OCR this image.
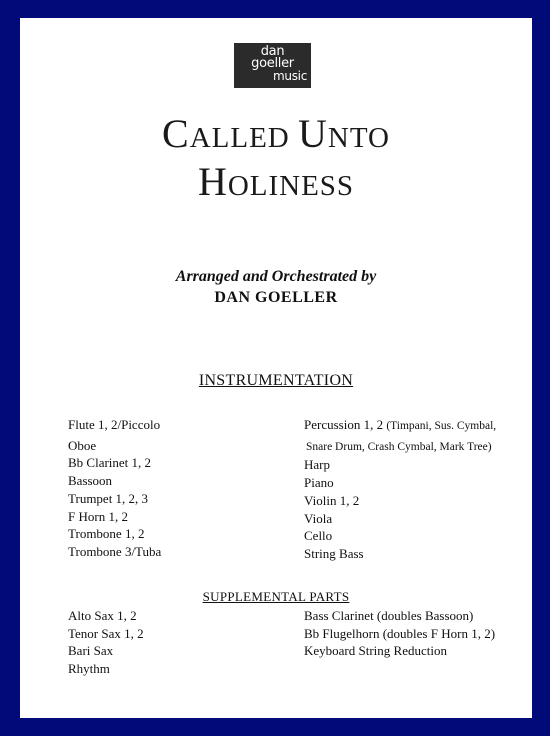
dan
goeller
music
CALLED UNTO
HOLINESS
Arranged and Orchestrated by
DAN GOELLER
INSTRUMENTATION
Flute 1, 2/Piccolo
Oboe
Bb Clarinet 1, 2
Bassoon
Trumpet 1, 2, 3
F Horn 1, 2
Trombone 1, 2
Trombone 3/Tuba
Percussion 1, 2 (Timpani, Sus. Cymbal,
Snare Drum, Crash Cymbal, Mark Tree)
Harp
Piano
Violin 1, 2
Viola
Cello
String Bass
SUPPLEMENTAL PARTS
Alto Sax 1, 2
Tenor Sax 1, 2
Bari Sax
Rhythm
Bass Clarinet (doubles Bassoon)
Bb Flugelhorn (doubles F Horn 1, 2)
Keyboard String Reduction
